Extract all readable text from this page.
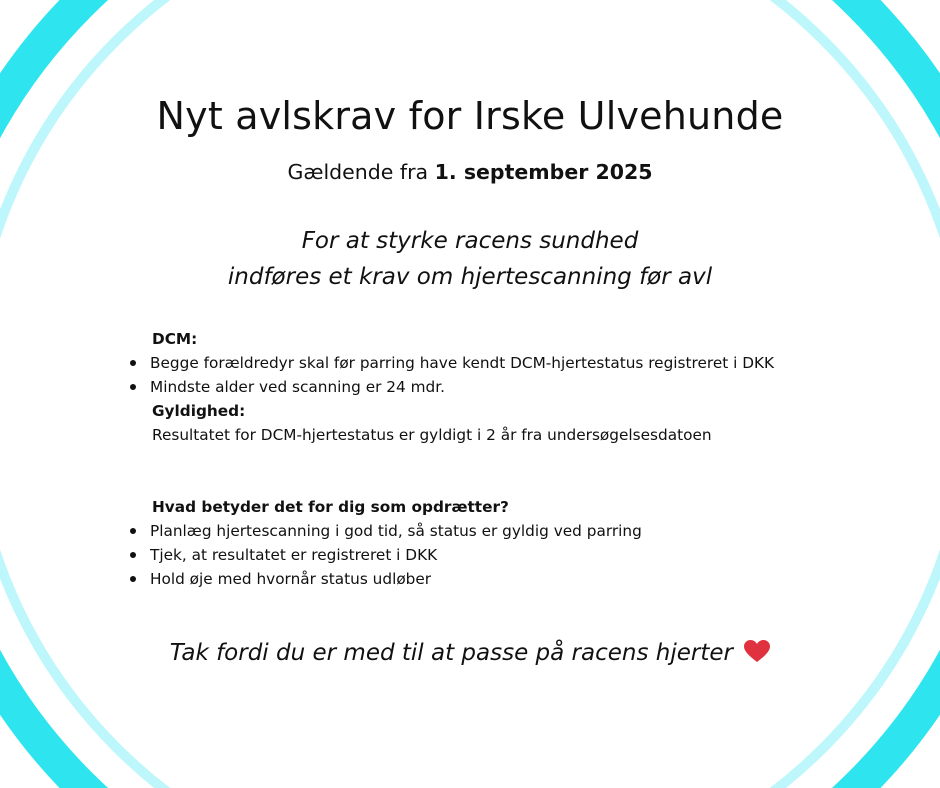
Nyt avlskrav for Irske Ulvehunde
Gældende fra 1. september 2025
For at styrke racens sundhed
indføres et krav om hjertescanning før avl
DCM:
Begge forældredyr skal før parring have kendt DCM-hjertestatus registreret i DKK
Mindste alder ved scanning er 24 mdr.
Gyldighed:
Resultatet for DCM-hjertestatus er gyldigt i 2 år fra undersøgelsesdatoen
Hvad betyder det for dig som opdrætter?
Planlæg hjertescanning i god tid, så status er gyldig ved parring
Tjek, at resultatet er registreret i DKK
Hold øje med hvornår status udløber
Tak fordi du er med til at passe på racens hjerter
